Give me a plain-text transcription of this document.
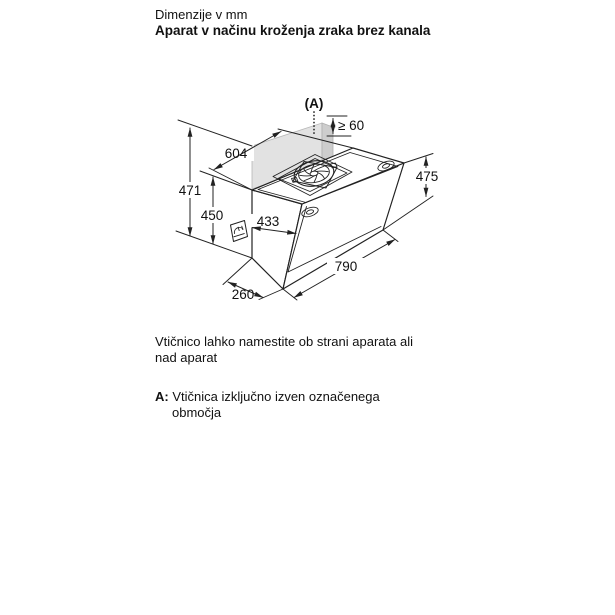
Dimenzije v mm
Aparat v načinu kroženja zraka brez kanala
604
471
450 433
475
790
260
≥ 60
(A)
Vtičnico lahko namestite ob strani aparata ali
nad aparat
A: Vtičnica izključno izven označenega
območja
